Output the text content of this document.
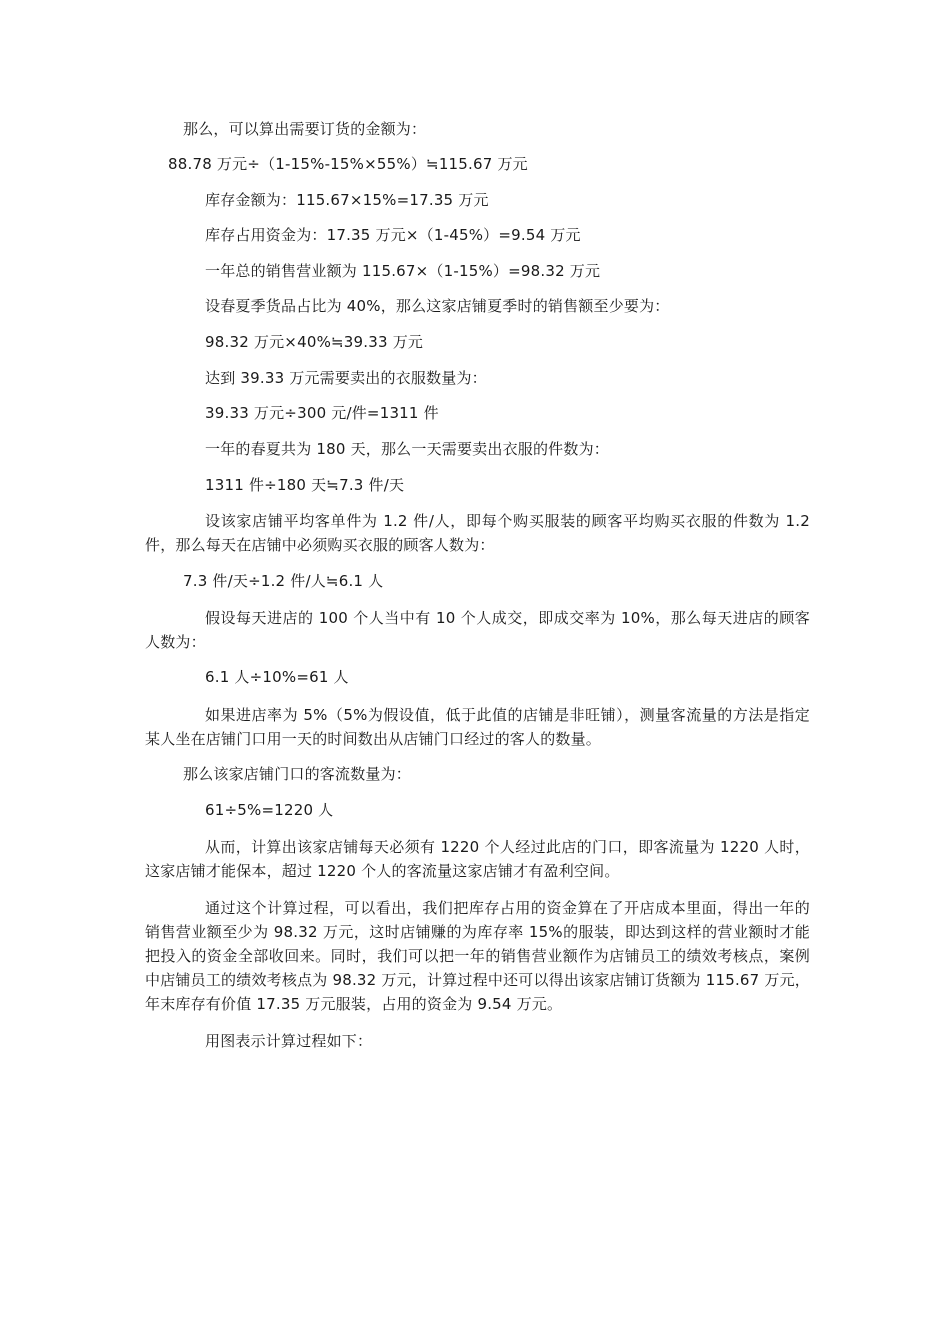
那么，可以算出需要订货的金额为：
88.78 万元÷（1-15%-15%×55%）≒115.67 万元
库存金额为：115.67×15%=17.35 万元
库存占用资金为：17.35 万元×（1-45%）=9.54 万元
一年总的销售营业额为 115.67×（1-15%）=98.32 万元
设春夏季货品占比为 40%，那么这家店铺夏季时的销售额至少要为：
98.32 万元×40%≒39.33 万元
达到 39.33 万元需要卖出的衣服数量为：
39.33 万元÷300 元/件=1311 件
一年的春夏共为 180 天，那么一天需要卖出衣服的件数为：
1311 件÷180 天≒7.3 件/天
设该家店铺平均客单件为 1.2 件/人，即每个购买服装的顾客平均购买衣服的件数为 1.2 件，那么每天在店铺中必须购买衣服的顾客人数为：
7.3 件/天÷1.2 件/人≒6.1 人
假设每天进店的 100 个人当中有 10 个人成交，即成交率为 10%，那么每天进店的顾客人数为：
6.1 人÷10%=61 人
如果进店率为 5%（5%为假设值，低于此值的店铺是非旺铺），测量客流量的方法是指定某人坐在店铺门口用一天的时间数出从店铺门口经过的客人的数量。
那么该家店铺门口的客流数量为：
61÷5%=1220 人
从而，计算出该家店铺每天必须有 1220 个人经过此店的门口，即客流量为 1220 人时，这家店铺才能保本，超过 1220 个人的客流量这家店铺才有盈利空间。
通过这个计算过程，可以看出，我们把库存占用的资金算在了开店成本里面，得出一年的销售营业额至少为 98.32 万元，这时店铺赚的为库存率 15%的服装，即达到这样的营业额时才能把投入的资金全部收回来。同时，我们可以把一年的销售营业额作为店铺员工的绩效考核点，案例中店铺员工的绩效考核点为 98.32 万元，计算过程中还可以得出该家店铺订货额为 115.67 万元，年末库存有价值 17.35 万元服装，占用的资金为 9.54 万元。
用图表示计算过程如下：
